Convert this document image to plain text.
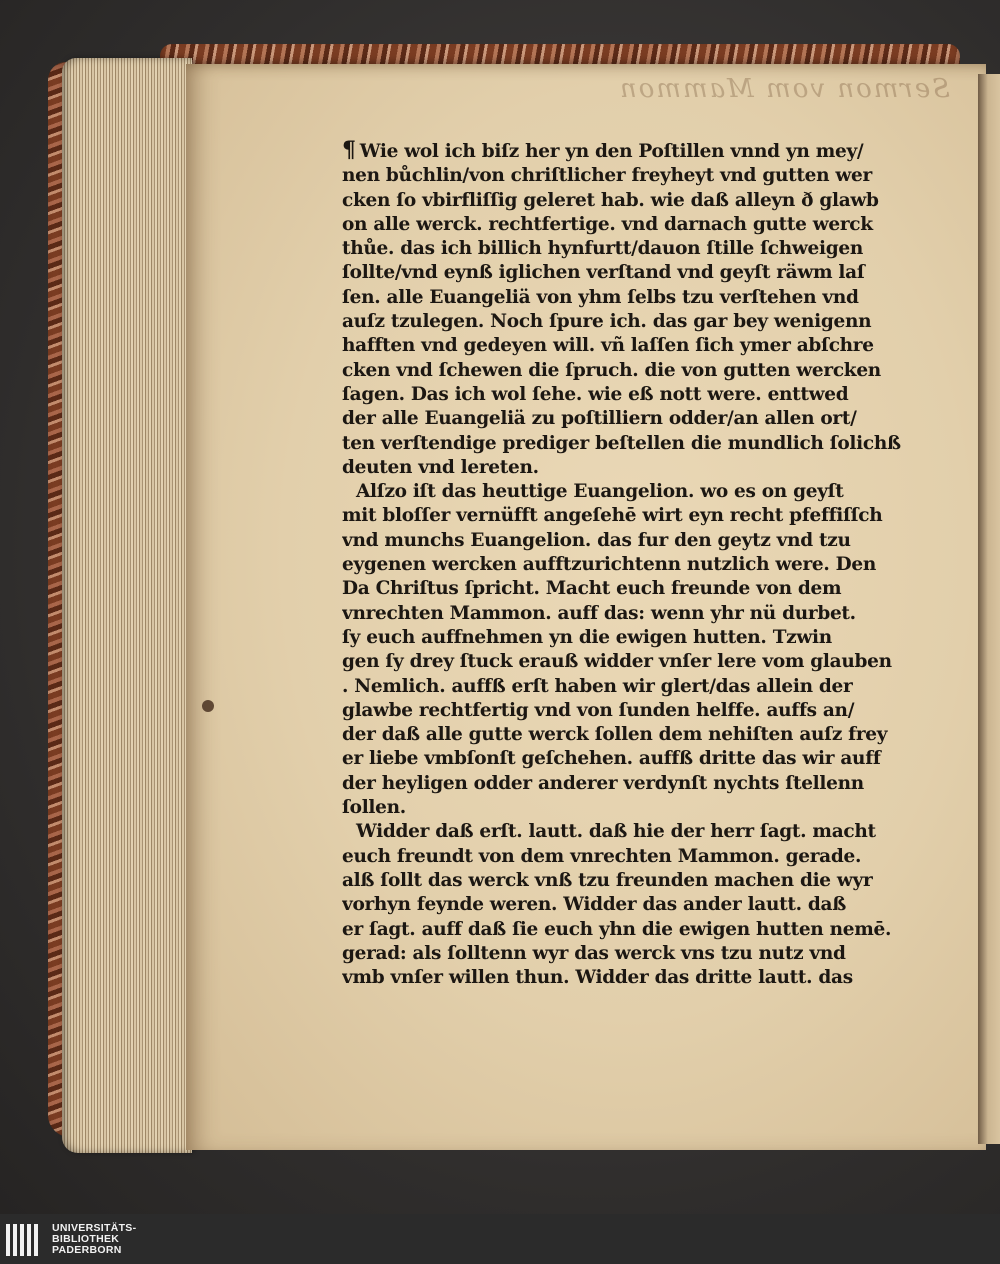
Sermon vom Mammon
¶ Wie wol ich biſz her yn den Poſtillen vnnd yn mey/
nen bůchlin/von chriſtlicher freyheyt vnd gutten wer
cken ſo vbirfliſſig geleret hab. wie daß alleyn ð glawb
on alle werck. rechtfertige. vnd darnach gutte werck
thůe. das ich billich hynfurtt/dauon ſtille ſchweigen
ſollte/vnd eynß iglichen verſtand vnd geyſt räwm laſ
ſen. alle Euangeliä von yhm ſelbs tzu verſtehen vnd
auſz tzulegen. Noch ſpure ich. das gar bey wenigenn
hafften vnd gedeyen will. vñ laſſen ſich ymer abſchre
cken vnd ſchewen die ſpruch. die von gutten wercken
ſagen. Das ich wol ſehe. wie eß nott were. enttwed
der alle Euangeliä zu poſtilliern odder/an allen ort/
ten verſtendige prediger beſtellen die mundlich ſolichß
deuten vnd lereten.
Alſzo iſt das heuttige Euangelion. wo es on geyſt
mit bloſſer vernüfft angeſehē wirt eyn recht pfeffiſſch
vnd munchs Euangelion. das fur den geytz vnd tzu
eygenen wercken aufftzurichtenn nutzlich were. Den
Da Chriſtus ſpricht. Macht euch freunde von dem
vnrechten Mammon. auff das: wenn yhr nü durbet.
ſy euch auffnehmen yn die ewigen hutten. Tzwin
gen ſy drey ſtuck erauß widder vnſer lere vom glauben
. Nemlich. auffß erſt haben wir glert/das allein der
glawbe rechtfertig vnd von ſunden helffe. auffs an/
der daß alle gutte werck ſollen dem nehiſten auſz frey
er liebe vmbſonſt geſchehen. auffß dritte das wir auff
der heyligen odder anderer verdynſt nychts ſtellenn
ſollen.
Widder daß erſt. lautt. daß hie der herr ſagt. macht
euch freundt von dem vnrechten Mammon. gerade.
alß ſollt das werck vnß tzu freunden machen die wyr
vorhyn feynde weren. Widder das ander lautt. daß
er ſagt. auff daß ſie euch yhn die ewigen hutten nemē.
gerad: als ſolltenn wyr das werck vns tzu nutz vnd
vmb vnſer willen thun. Widder das dritte lautt. das
UNIVERSITÄTS-
BIBLIOTHEK
PADERBORN
